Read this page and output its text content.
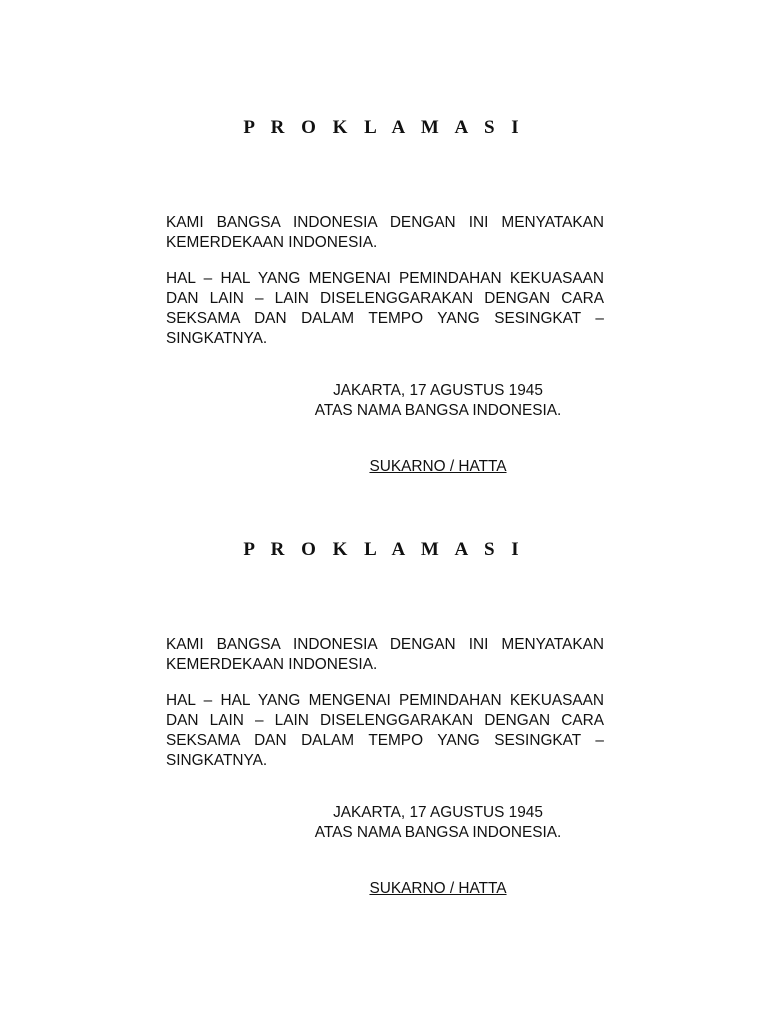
P R O K L A M A S I

KAMI BANGSA INDONESIA DENGAN INI MENYATAKAN KEMERDEKAAN INDONESIA.

HAL – HAL YANG MENGENAI PEMINDAHAN KEKUASAAN DAN LAIN – LAIN DISELENGGARAKAN DENGAN CARA SEKSAMA DAN DALAM TEMPO YANG SESINGKAT – SINGKATNYA.

JAKARTA, 17 AGUSTUS 1945
ATAS NAMA BANGSA INDONESIA.
SUKARNO / HATTA
P R O K L A M A S I

KAMI BANGSA INDONESIA DENGAN INI MENYATAKAN KEMERDEKAAN INDONESIA.

HAL – HAL YANG MENGENAI PEMINDAHAN KEKUASAAN DAN LAIN – LAIN DISELENGGARAKAN DENGAN CARA SEKSAMA DAN DALAM TEMPO YANG SESINGKAT – SINGKATNYA.

JAKARTA, 17 AGUSTUS 1945
ATAS NAMA BANGSA INDONESIA.
SUKARNO / HATTA
